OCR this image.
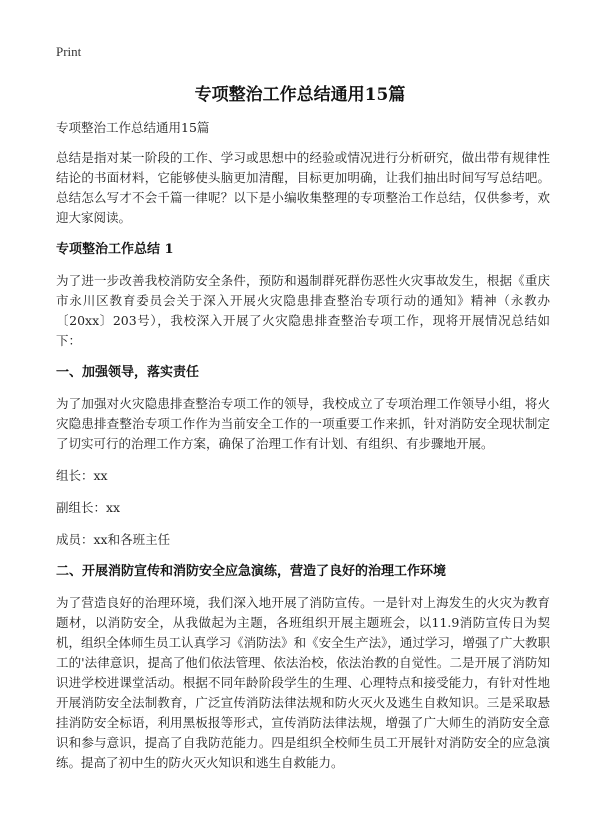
Print
专项整治工作总结通用15篇

专项整治工作总结通用15篇

总结是指对某一阶段的工作、学习或思想中的经验或情况进行分析研究，做出带有规律性结论的书面材料，它能够使头脑更加清醒，目标更加明确，让我们抽出时间写写总结吧。总结怎么写才不会千篇一律呢？以下是小编收集整理的专项整治工作总结，仅供参考，欢迎大家阅读。

专项整治工作总结 1

为了进一步改善我校消防安全条件，预防和遏制群死群伤恶性火灾事故发生，根据《重庆市永川区教育委员会关于深入开展火灾隐患排查整治专项行动的通知》精神（永教办〔20xx〕203号），我校深入开展了火灾隐患排查整治专项工作，现将开展情况总结如下：

一、加强领导，落实责任

为了加强对火灾隐患排查整治专项工作的领导，我校成立了专项治理工作领导小组，将火灾隐患排查整治专项工作作为当前安全工作的一项重要工作来抓，针对消防安全现状制定了切实可行的治理工作方案，确保了治理工作有计划、有组织、有步骤地开展。

组长：xx

副组长：xx

成员：xx和各班主任

二、开展消防宣传和消防安全应急演练，营造了良好的治理工作环境

为了营造良好的治理环境，我们深入地开展了消防宣传。一是针对上海发生的火灾为教育题材，以消防安全，从我做起为主题，各班组织开展主题班会，以11.9消防宣传日为契机，组织全体师生员工认真学习《消防法》和《安全生产法》，通过学习，增强了广大教职工的'法律意识，提高了他们依法管理、依法治校，依法治教的自觉性。二是开展了消防知识进学校进课堂活动。根据不同年龄阶段学生的生理、心理特点和接受能力，有针对性地开展消防安全法制教育，广泛宣传消防法律法规和防火灭火及逃生自救知识。三是采取悬挂消防安全标语，利用黑板报等形式，宣传消防法律法规，增强了广大师生的消防安全意识和参与意识，提高了自我防范能力。四是组织全校师生员工开展针对消防安全的应急演练。提高了初中生的防火灭火知识和逃生自救能力。
